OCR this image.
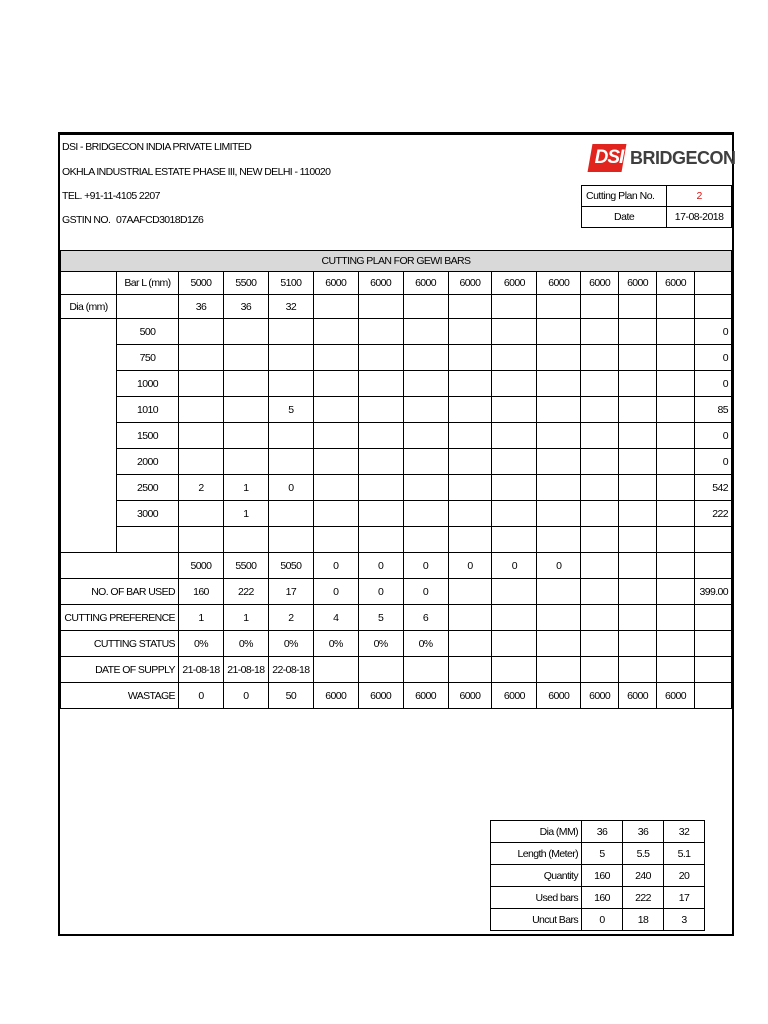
DSI - BRIDGECON INDIA PRIVATE LIMITED
OKHLA INDUSTRIAL ESTATE PHASE III, NEW DELHI - 110020
TEL. +91-11-4105 2207
GSTIN NO. 07AAFCD3018D1Z6
DSI BRIDGECON
Cutting Plan No.	2
Date	17-08-2018
CUTTING PLAN FOR GEWI BARS														
	Bar L (mm)	5000	5500	5100	6000	6000	6000	6000	6000	6000	6000	6000	6000	
Dia (mm)		36	36	32										
	500													0
	750													0
	1000													0
	1010			5										85
	1500													0
	2000													0
	2500	2	1	0										542
	3000		1											222

		5000	5500	5050	0	0	0	0	0	0				
NO. OF BAR USED		160	222	17	0	0	0							399.00
CUTTING PREFERENCE		1	1	2	4	5	6							
CUTTING STATUS		0%	0%	0%	0%	0%	0%							
DATE OF SUPPLY		21-08-18	21-08-18	22-08-18										
WASTAGE		0	0	50	6000	6000	6000	6000	6000	6000	6000	6000	6000	
Dia (MM)	36	36	32
Length (Meter)	5	5.5	5.1
Quantity	160	240	20
Used bars	160	222	17
Uncut Bars	0	18	3
